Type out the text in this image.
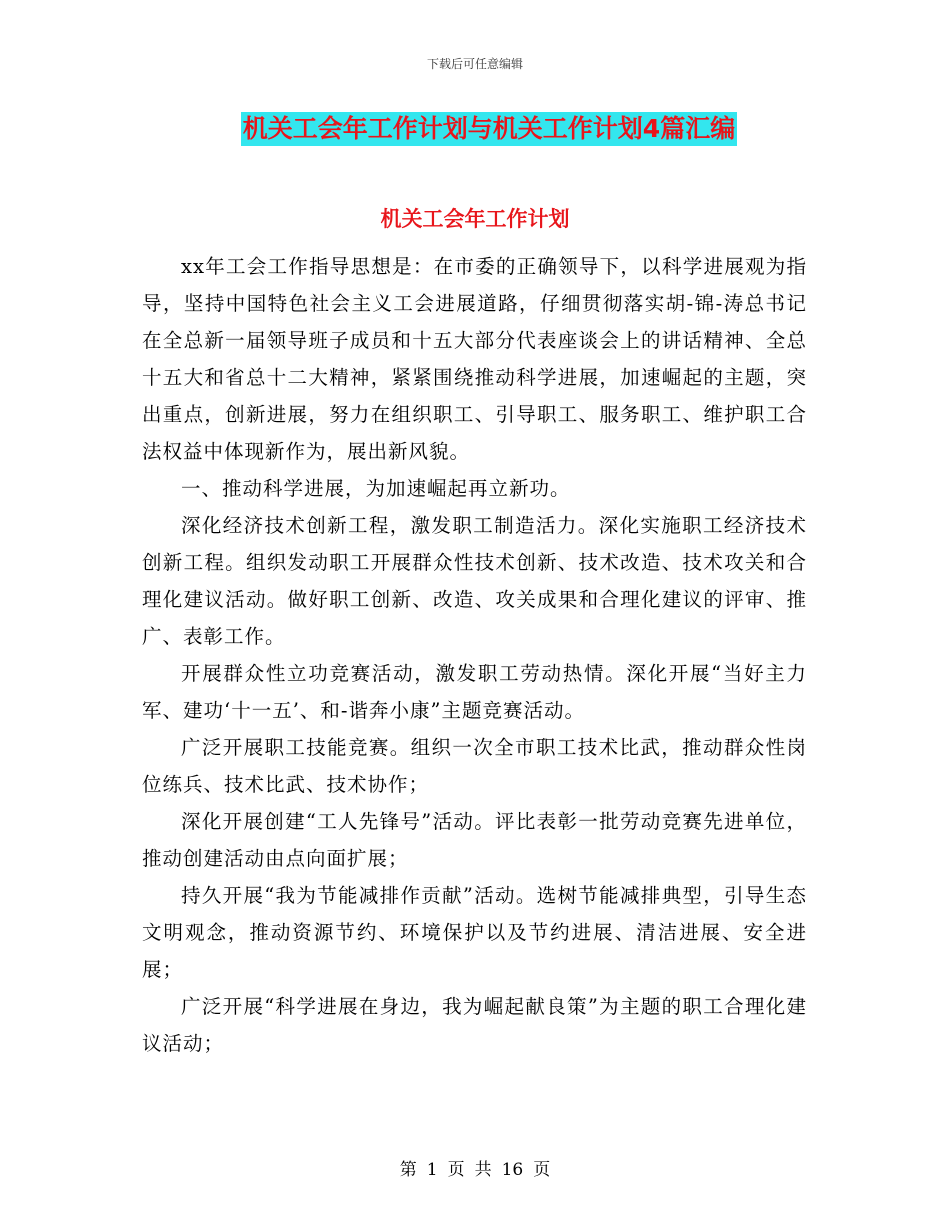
下载后可任意编辑
机关工会年工作计划与机关工作计划4篇汇编
机关工会年工作计划

xx年工会工作指导思想是：在市委的正确领导下，以科学进展观为指导，坚持中国特色社会主义工会进展道路，仔细贯彻落实胡-锦-涛总书记在全总新一届领导班子成员和十五大部分代表座谈会上的讲话精神、全总十五大和省总十二大精神，紧紧围绕推动科学进展，加速崛起的主题，突出重点，创新进展，努力在组织职工、引导职工、服务职工、维护职工合法权益中体现新作为，展出新风貌。

一、推动科学进展，为加速崛起再立新功。

深化经济技术创新工程，激发职工制造活力。深化实施职工经济技术创新工程。组织发动职工开展群众性技术创新、技术改造、技术攻关和合理化建议活动。做好职工创新、改造、攻关成果和合理化建议的评审、推广、表彰工作。

开展群众性立功竞赛活动，激发职工劳动热情。深化开展“当好主力军、建功‘十一五’、和-谐奔小康”主题竞赛活动。

广泛开展职工技能竞赛。组织一次全市职工技术比武，推动群众性岗位练兵、技术比武、技术协作；

深化开展创建“工人先锋号”活动。评比表彰一批劳动竞赛先进单位，推动创建活动由点向面扩展；

持久开展“我为节能减排作贡献”活动。选树节能减排典型，引导生态文明观念，推动资源节约、环境保护以及节约进展、清洁进展、安全进展；

广泛开展“科学进展在身边，我为崛起献良策”为主题的职工合理化建议活动；

第 1 页 共 16 页
